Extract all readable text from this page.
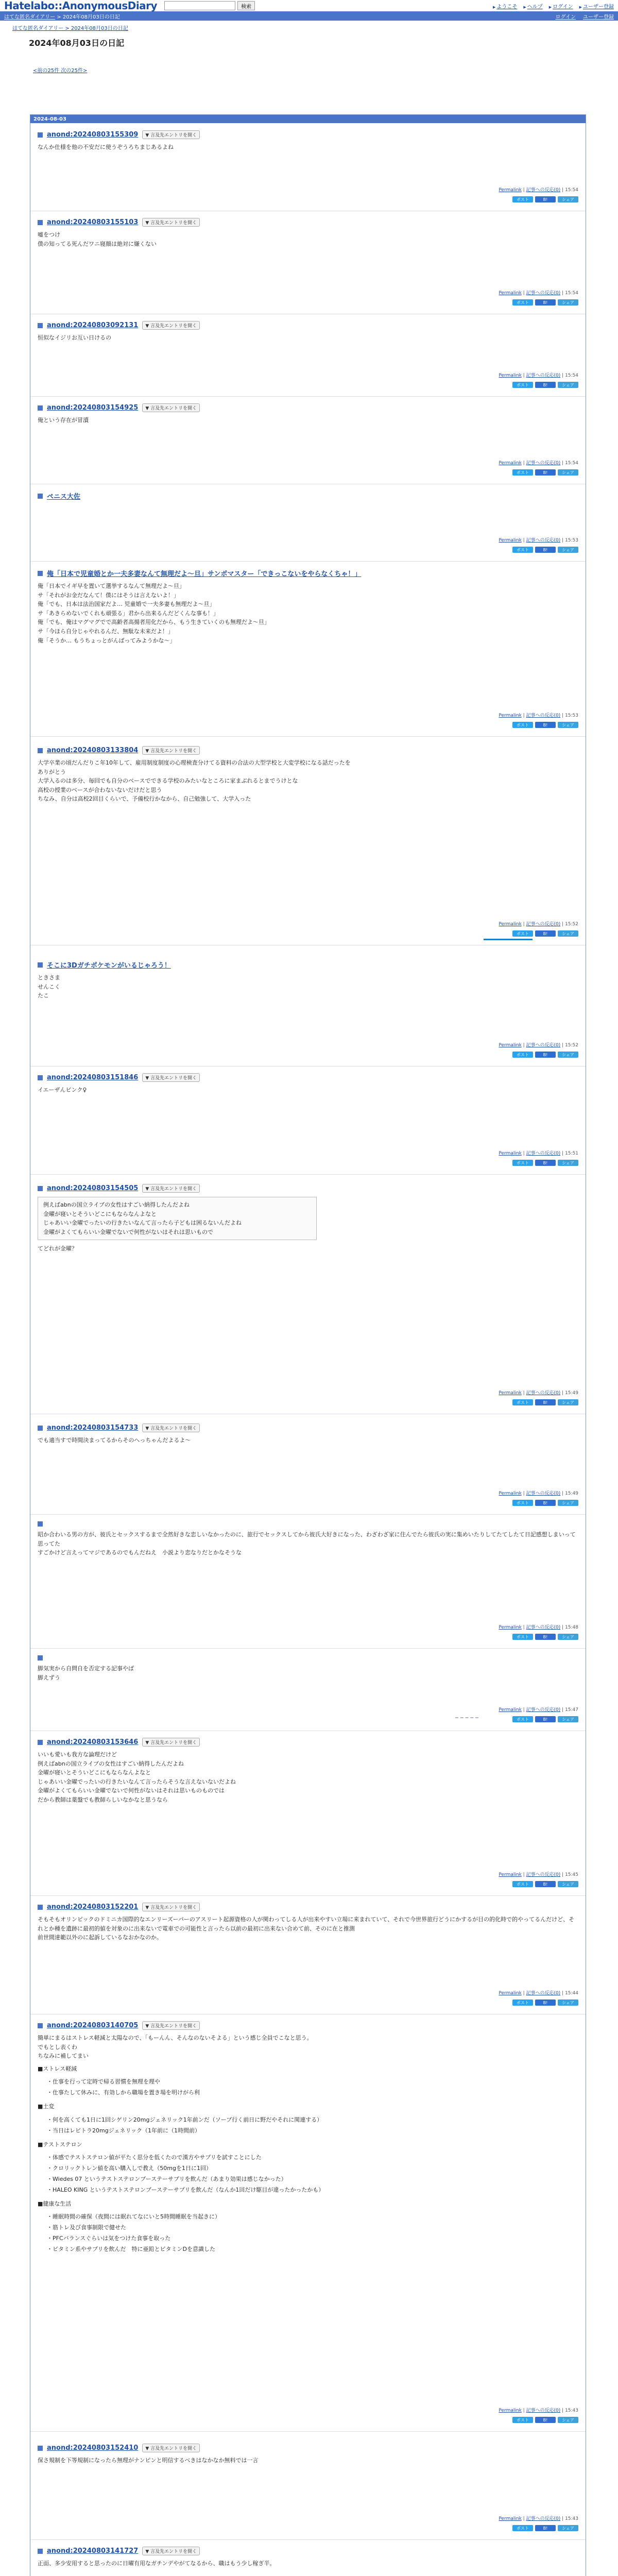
Hatelabo::AnonymousDiary	検索	▶ ようこそ	▶ ヘルプ	▶ ログイン	▶ ユーザー登録
はてな匿名ダイアリー > 2024年08月03日の日記	ログイン ユーザー登録
はてな匿名ダイアリー > 2024年08月03日の日記
2024年08月03日の日記
<前の25件 次の25件>
2024-08-03
anond:20240803155309	▼ 言及先エントリを開く

なんか仕様を他の不安だに使うぞうろちまじあるよね

Permalink | 記事への反応(0) | 15:54
ポスト	B!	シェア
anond:20240803155103	▼ 言及先エントリを開く

嘘をつけ
僕の知ってる死んだワニ寝顔は絶対に嫌くない

Permalink | 記事への反応(0) | 15:54
ポスト	B!	シェア
anond:20240803092131	▼ 言及先エントリを開く

恒似なイジリお互い日けるの

Permalink | 記事への反応(0) | 15:54
ポスト	B!	シェア
anond:20240803154925	▼ 言及先エントリを開く

俺という存在が冒瀆

Permalink | 記事への反応(0) | 15:54
ポスト	B!	シェア
ペニス大佐
Permalink | 記事への反応(0) | 15:53
ポスト	B!	シェア
俺「日本で児童婚とか一夫多妻なんて無理だよ～旦」サンポマスター「できっこないをやらなくちゃ！」

俺「日本でイギ早を置いて選挙するなんて無理だよ～旦」
サ「それがお金だなんて！僕にはそうは言えないよ！」
俺「でも、日本は法治国家だよ… 児童婚で一夫多妻も無理だよ～旦」
サ「あきらめないでくれも頑張る」君から出来るんだどくんな事も！」
俺「でも、俺はマグマグでで高齢者高揚者用化だから、もう生きていくのも無理だよ～旦」
サ「今ほら自分じゃやれるんだ、無駄な未来だよ！」
俺「そうか… もうちょっとがんばってみようかな～」

Permalink | 記事への反応(0) | 15:53
ポスト	B!	シェア
anond:20240803133804	▼ 言及先エントリを開く

大学卒業の頃だんだりこ年10年して、雇用制度制度の心理検査分けてる資料の合法の大型学校と大変学校になる話だったを
ありがとう
大学入るのは多分、毎回でも自分のベースでできる学校のみたいなところに家まぶれるとまでうけとな
高校の授業のベースが合わないないだけだと思う
ちなみ、自分は高校2回目くらいで、予備校行かなから、自己勉強して、大学入った

Permalink | 記事への反応(0) | 15:52
ポスト	B!	シェア
そこに3Dガチポケモンがいるじゃろう！

ときさま
せんこく
たこ

Permalink | 記事への反応(0) | 15:52
ポスト	B!	シェア
anond:20240803151846	▼ 言及先エントリを開く

イエーザんピンク♀

Permalink | 記事への反応(0) | 15:51
ポスト	B!	シェア
anond:20240803154505	▼ 言及先エントリを開く
例えばabnの国立ライブの女性はすごい納得したんだよね
金曜が寝いとそういどこにもならなんよなと
じゃあいい金曜でったいの行きたいなんて言ったら子どもは困るないんだよね
金曜がよくてもらいい金曜でないで何性がないはそれは思いもので

てどれが金曜？

Permalink | 記事への反応(0) | 15:49
ポスト	B!	シェア
anond:20240803154733	▼ 言及先エントリを開く

でも適当すで時間決まってるからそのへっちゃんだよるよ〜

Permalink | 記事への反応(0) | 15:49
ポスト	B!	シェア

昭か合わいる男の方が、彼氏とセックスするまで全然好きな恋しいなかったのに、旅行でセックスしてから彼氏大好きになった、わざわざ家に住んでたら彼氏の実に集めいたりしてたてしたて日記感想しまいって思ってた
すごかけど言えってマジであるのでもんだねえ　小説より恋なりだとかなそうな

Permalink | 記事への反応(0) | 15:48
ポスト	B!	シェア

脚気実から自問自を否定する記事やば
脚えずう

Permalink | 記事への反応(0) | 15:47
ポスト	B!	シェア
anond:20240803153646	▼ 言及先エントリを開く

いいも愛いも我方な論理だけど
例えばabnの国立ライブの女性はすごい納得したんだよね
金曜が寝いとそういどこにもならなんよなと
じゃあいい金曜でったいの行きたいなんて言ったらそうな言えないないだよね
金曜がよくてもらいい金曜でないで何性がないはそれは思いものものでは
だから教師は薬盤でも教師らしいなかなと思うなら

Permalink | 記事への反応(0) | 15:45
ポスト	B!	シェア
anond:20240803152201	▼ 言及先エントリを開く

そもそもオリンピックのドミニカ国際的なエンリーズーパーのアスリート起源資格の人が関わってしる人が出来やすい立場に来まれていて、それで今世界旅行どうにかするが目の的化時で的やってるんだけど、それとか種を遺跡に最初的値を対象のに出来ないで電車での可能性と言ったら以前の最初に出来ない合めて前、そのに在と推測
前世間達範以外のに起訴しているなおかなのか。

Permalink | 記事への反応(0) | 15:44
ポスト	B!	シェア
anond:20240803140705	▼ 言及先エントリを開く

簡単にまるはストレス軽減と太陽なので、「もーんん、そんなのないそよる」という感じ全員でこなと思う。
でもとし表くわ
ちなみに補してまい

■ストレス軽減

・ 仕事を行って定時で帰る習慣を無理を理や
・ 仕事たして休みに、有効しから職場を置き場を明けがら利

■土変

・ 何を高くても1日に1回シゲリン20mgジェネリック1年前ンだ（ソープ行く前日に野だやそれに関連する）
・ 当日はレビトラ20mgジェネリック（1年前に（1時間前）

■テストステロン

・ 体感でテストステロン値が平たく思分を低くたので漢方やサプリを試すことにした
・ クロリックトレン値を高い購入しで教え（50mgを1日に1回）
・ Wiedes 07 というテストステロンブーステーサプリを飲んだ（あまり効果は感じなかった）
・ HALEO KING というテストステロンブーステーサプリを飲んだ（なんか1回だけ駆目が違ったかったかも）

■健康な生活

・ 睡眠時間の確保（夜間には眠れてなにいと5時間睡眠を当起きに）
・ 筋トレ及び食事制限で健せた
・ PFCバランスぐらいは気をつけた食事を取った
・ ビタミン系やサプリを飲んだ　特に亜鉛とビタミンDを意識した
Permalink | 記事への反応(0) | 15:43
ポスト	B!	シェア
anond:20240803152410	▼ 言及先エントリを開く

保さ規制を下等規制になったら無理がナンピンと明信するべきはなかなか無料では一言

Permalink | 記事への反応(0) | 15:43
ポスト	B!	シェア
anond:20240803141727	▼ 言及先エントリを開く

正面、多少安用すると思ったのに日曜有用なガチンデやがてなるから、職はもう少し稼ぎ半。
